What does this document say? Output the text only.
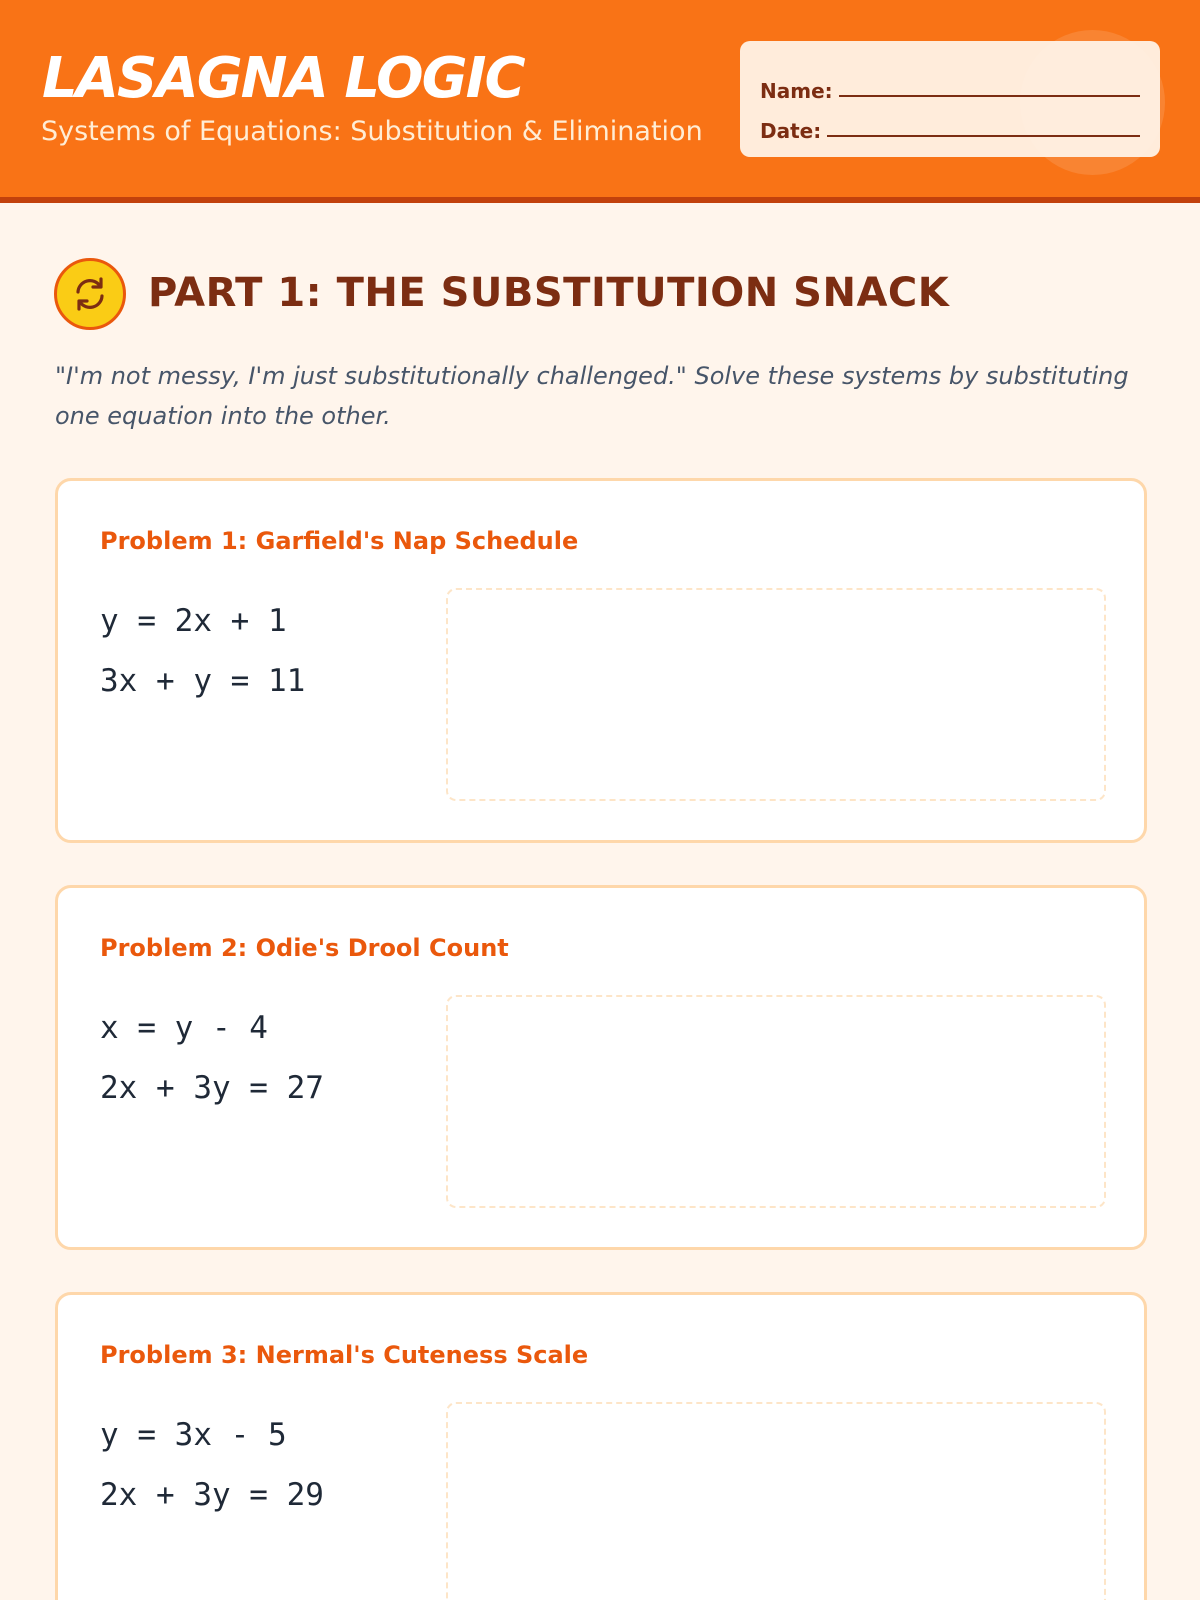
LASAGNA LOGIC
Systems of Equations: Substitution & Elimination
Name:
Date:
PART 1: THE SUBSTITUTION SNACK
"I'm not messy, I'm just substitutionally challenged." Solve these systems by substituting one equation into the other.
Problem 1: Garfield's Nap Schedule
y = 2x + 1
3x + y = 11
Problem 2: Odie's Drool Count
x = y - 4
2x + 3y = 27
Problem 3: Nermal's Cuteness Scale
y = 3x - 5
2x + 3y = 29
